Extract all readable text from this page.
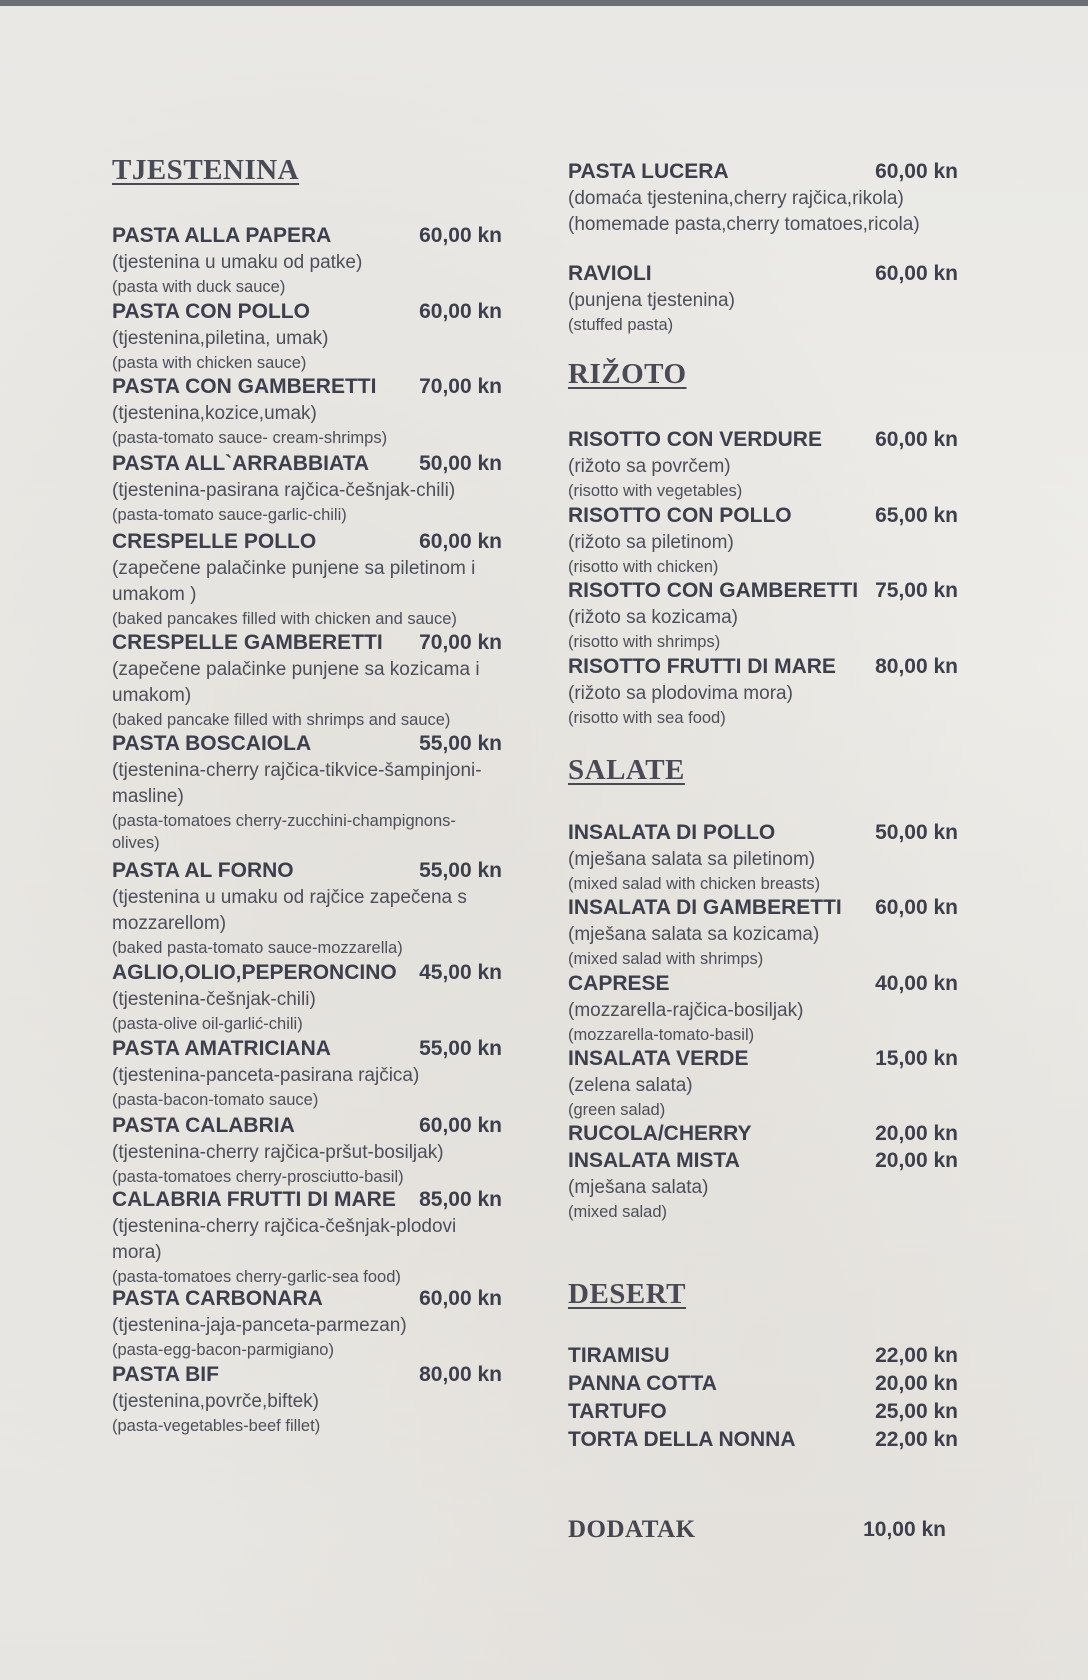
TJESTENINA
PASTA ALLA PAPERA	60,00 kn
(tjestenina u umaku od patke)
(pasta with duck sauce)
PASTA CON POLLO	60,00 kn
(tjestenina,piletina, umak)
(pasta with chicken sauce)
PASTA CON GAMBERETTI 70,00 kn
(tjestenina,kozice,umak)
(pasta-tomato sauce- cream-shrimps)
PASTA ALL`ARRABBIATA 50,00 kn
(tjestenina-pasirana rajčica-češnjak-chili)
(pasta-tomato sauce-garlic-chili)
CRESPELLE POLLO	60,00 kn
(zapečene palačinke punjene sa piletinom i umakom )
(baked pancakes filled with chicken and sauce)
CRESPELLE GAMBERETTI 70,00 kn
(zapečene palačinke punjene sa kozicama i umakom)
(baked pancake filled with shrimps and sauce)
PASTA BOSCAIOLA	55,00 kn
(tjestenina-cherry rajčica-tikvice-šampinjoni-masline)
(pasta-tomatoes cherry-zucchini-champignons-olives)
PASTA AL FORNO	55,00 kn
(tjestenina u umaku od rajčice zapečena s mozzarellom)
(baked pasta-tomato sauce-mozzarella)
AGLIO,OLIO,PEPERONCINO 45,00 kn
(tjestenina-češnjak-chili)
(pasta-olive oil-garlić-chili)
PASTA AMATRICIANA	55,00 kn
(tjestenina-panceta-pasirana rajčica)
(pasta-bacon-tomato sauce)
PASTA CALABRIA	60,00 kn
(tjestenina-cherry rajčica-pršut-bosiljak)
(pasta-tomatoes cherry-prosciutto-basil)
CALABRIA FRUTTI DI MARE 85,00 kn
(tjestenina-cherry rajčica-češnjak-plodovi mora)
(pasta-tomatoes cherry-garlic-sea food)
PASTA CARBONARA	60,00 kn
(tjestenina-jaja-panceta-parmezan)
(pasta-egg-bacon-parmigiano)
PASTA BIF	80,00 kn
(tjestenina,povrče,biftek)
(pasta-vegetables-beef fillet)
PASTA LUCERA	60,00 kn
(domaća tjestenina,cherry rajčica,rikola)(homemade pasta,cherry tomatoes,ricola)
RAVIOLI	60,00 kn
(punjena tjestenina)
(stuffed pasta)
RIŽOTO
RISOTTO CON VERDURE	60,00 kn
(rižoto sa povrčem)
(risotto with vegetables)
RISOTTO CON POLLO	65,00 kn
(rižoto sa piletinom)
(risotto with chicken)
RISOTTO CON GAMBERETTI 75,00 kn
(rižoto sa kozicama)
(risotto with shrimps)
RISOTTO FRUTTI DI MARE 80,00 kn
(rižoto sa plodovima mora)
(risotto with sea food)
SALATE
INSALATA DI POLLO	50,00 kn
(mješana salata sa piletinom)
(mixed salad with chicken breasts)
INSALATA DI GAMBERETTI 60,00 kn
(mješana salata sa kozicama)
(mixed salad with shrimps)
CAPRESE	40,00 kn
(mozzarella-rajčica-bosiljak)
(mozzarella-tomato-basil)
INSALATA VERDE	15,00 kn
(zelena salata)
(green salad)
RUCOLA/CHERRY	20,00 kn
INSALATA MISTA	20,00 kn
(mješana salata)
(mixed salad)
DESERT
TIRAMISU	22,00 kn
PANNA COTTA	20,00 kn
TARTUFO	25,00 kn
TORTA DELLA NONNA	22,00 kn
DODATAK	10,00 kn
